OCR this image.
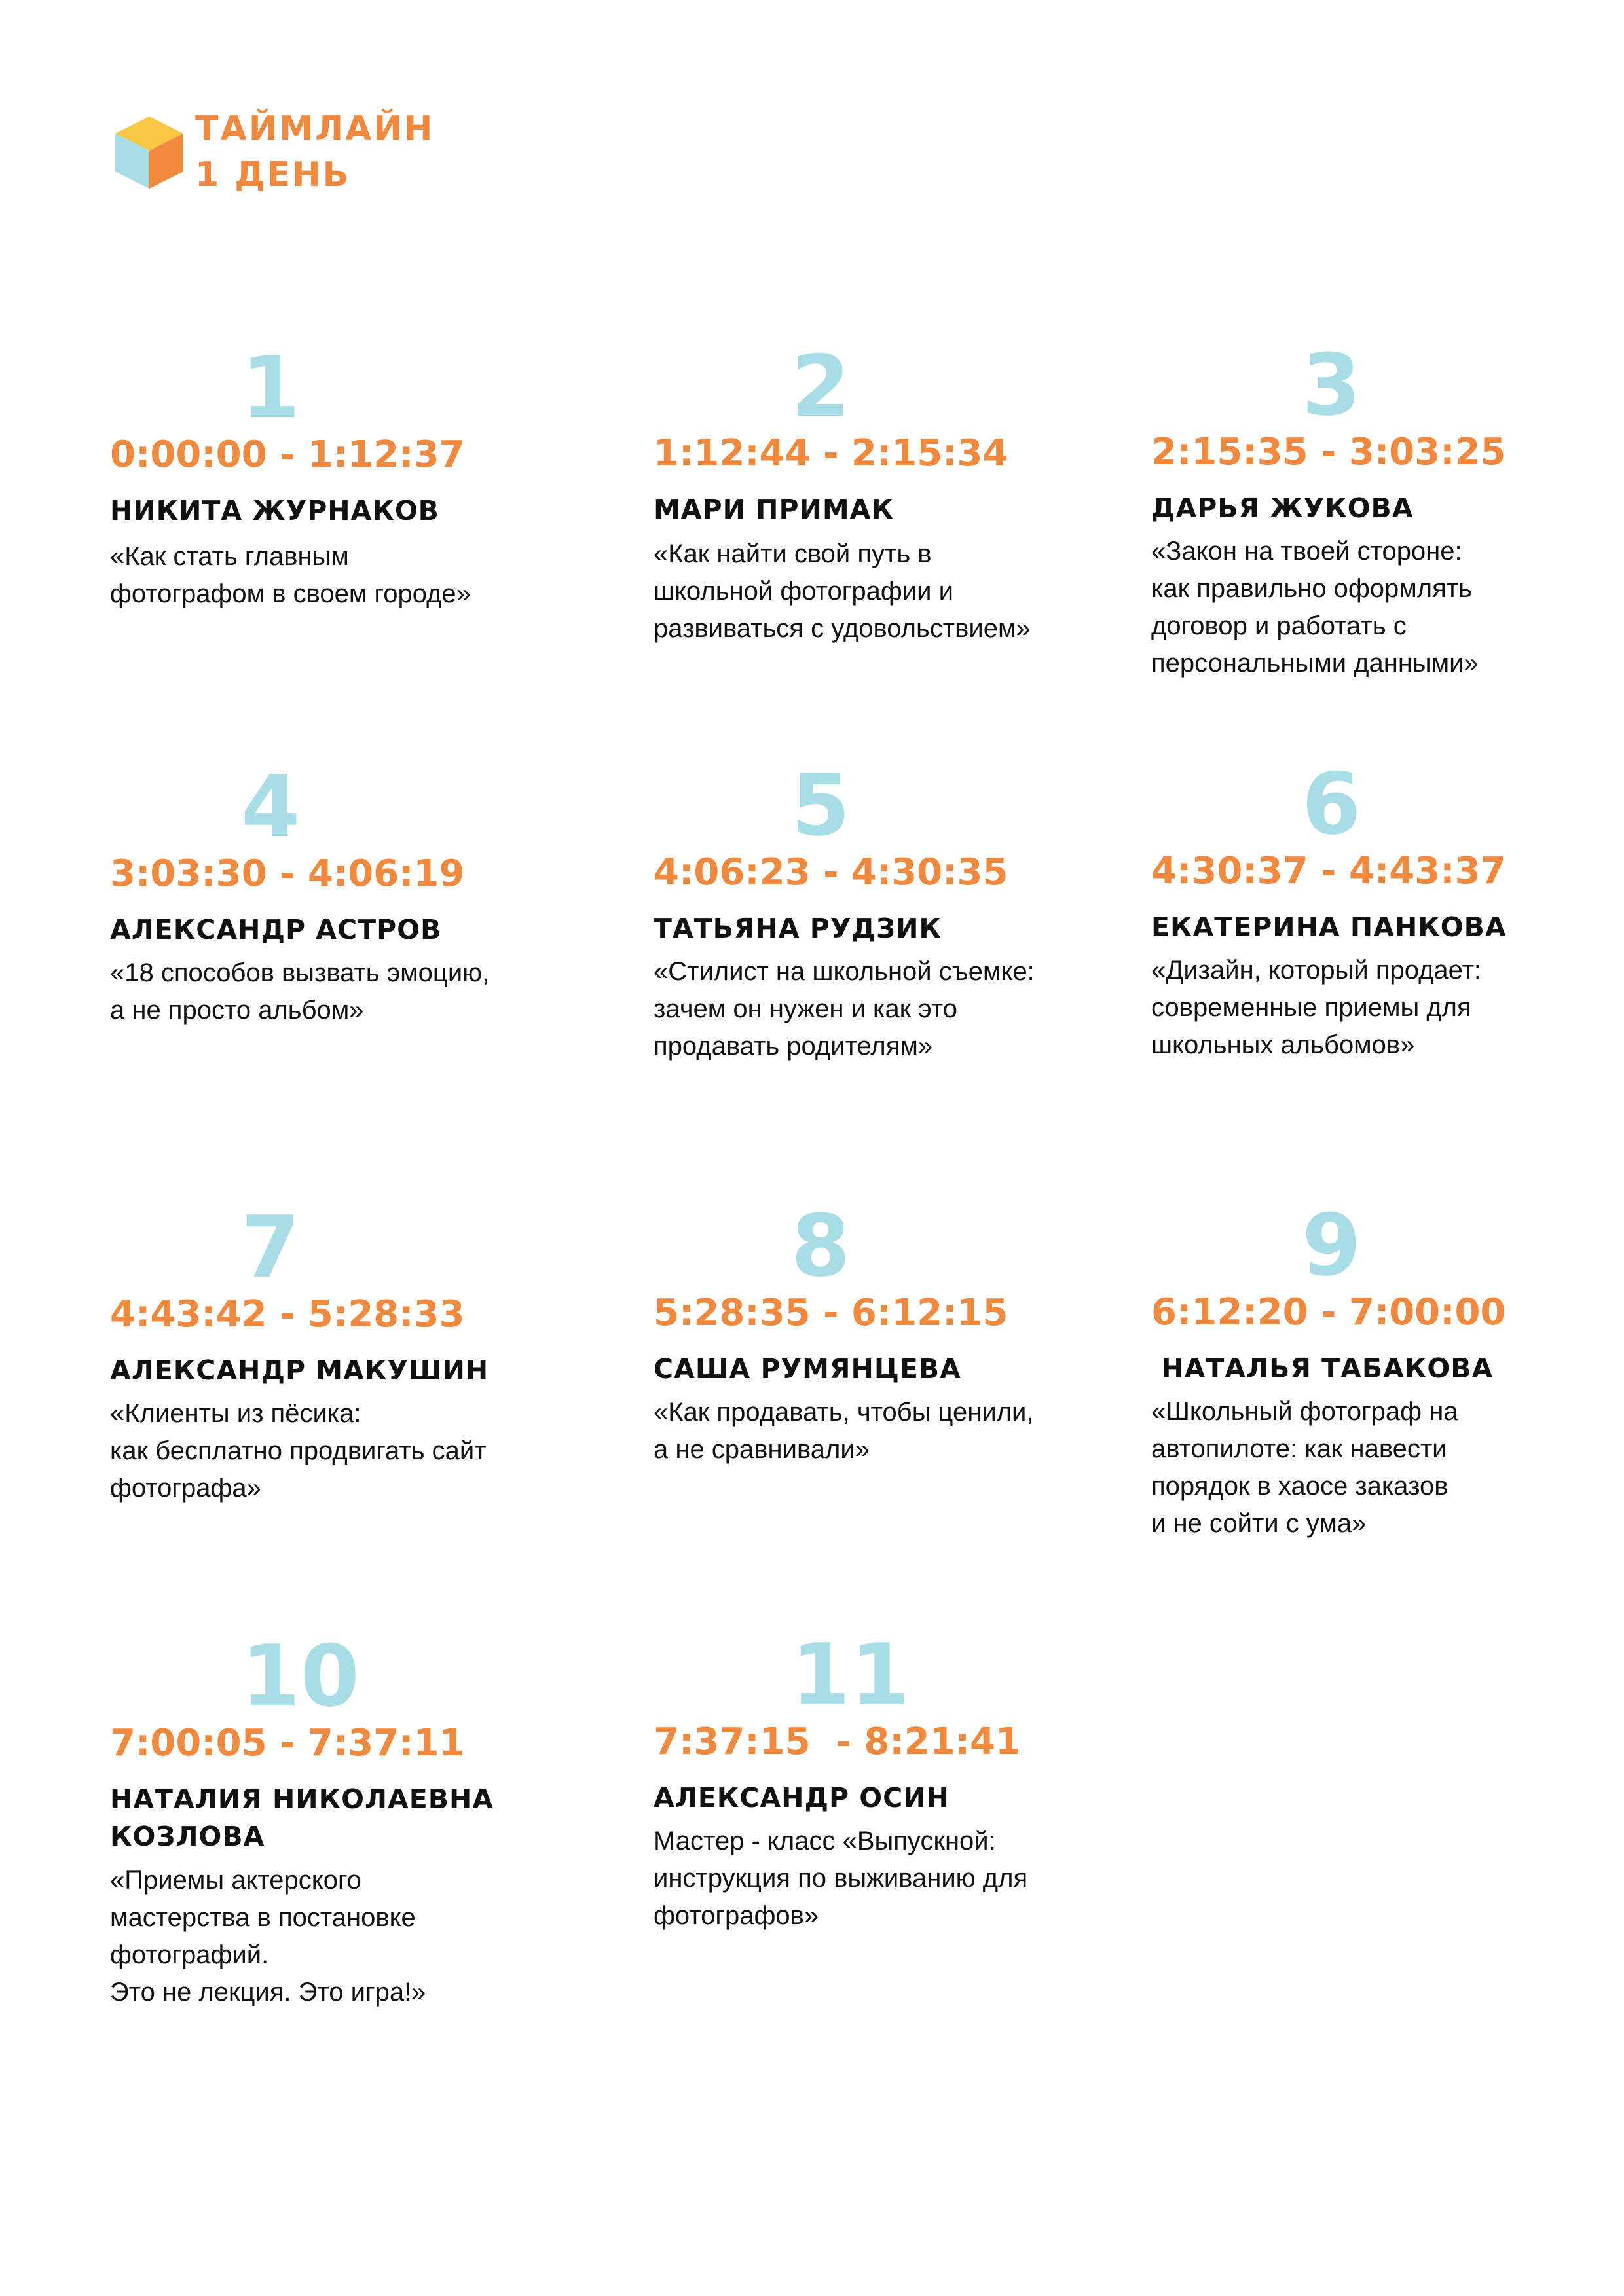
ТАЙМЛАЙН
1 ДЕНЬ
1
0:00:00 - 1:12:37
НИКИТА ЖУРНАКОВ
«Как стать главным
фотографом в своем городе»
2
1:12:44 - 2:15:34
МАРИ ПРИМАК
«Как найти свой путь в
школьной фотографии и
развиваться с удовольствием»
3
2:15:35 - 3:03:25
ДАРЬЯ ЖУКОВА
«Закон на твоей стороне:
как правильно оформлять
договор и работать с
персональными данными»
4
3:03:30 - 4:06:19
АЛЕКСАНДР АСТРОВ
«18 способов вызвать эмоцию,
а не просто альбом»
5
4:06:23 - 4:30:35
ТАТЬЯНА РУДЗИК
«Стилист на школьной съемке:
зачем он нужен и как это
продавать родителям»
6
4:30:37 - 4:43:37
ЕКАТЕРИНА ПАНКОВА
«Дизайн, который продает:
современные приемы для
школьных альбомов»
7
4:43:42 - 5:28:33
АЛЕКСАНДР МАКУШИН
«Клиенты из пёсика:
как бесплатно продвигать сайт
фотографа»
8
5:28:35 - 6:12:15
САША РУМЯНЦЕВА
«Как продавать, чтобы ценили,
а не сравнивали»
9
6:12:20 - 7:00:00
НАТАЛЬЯ ТАБАКОВА
«Школьный фотограф на
автопилоте: как навести
порядок в хаосе заказов
и не сойти с ума»
10
7:00:05 - 7:37:11
НАТАЛИЯ НИКОЛАЕВНА
КОЗЛОВА
«Приемы актерского
мастерства в постановке
фотографий.
Это не лекция. Это игра!»
11
7:37:15  - 8:21:41
АЛЕКСАНДР ОСИН
Мастер - класс «Выпускной:
инструкция по выживанию для
фотографов»
